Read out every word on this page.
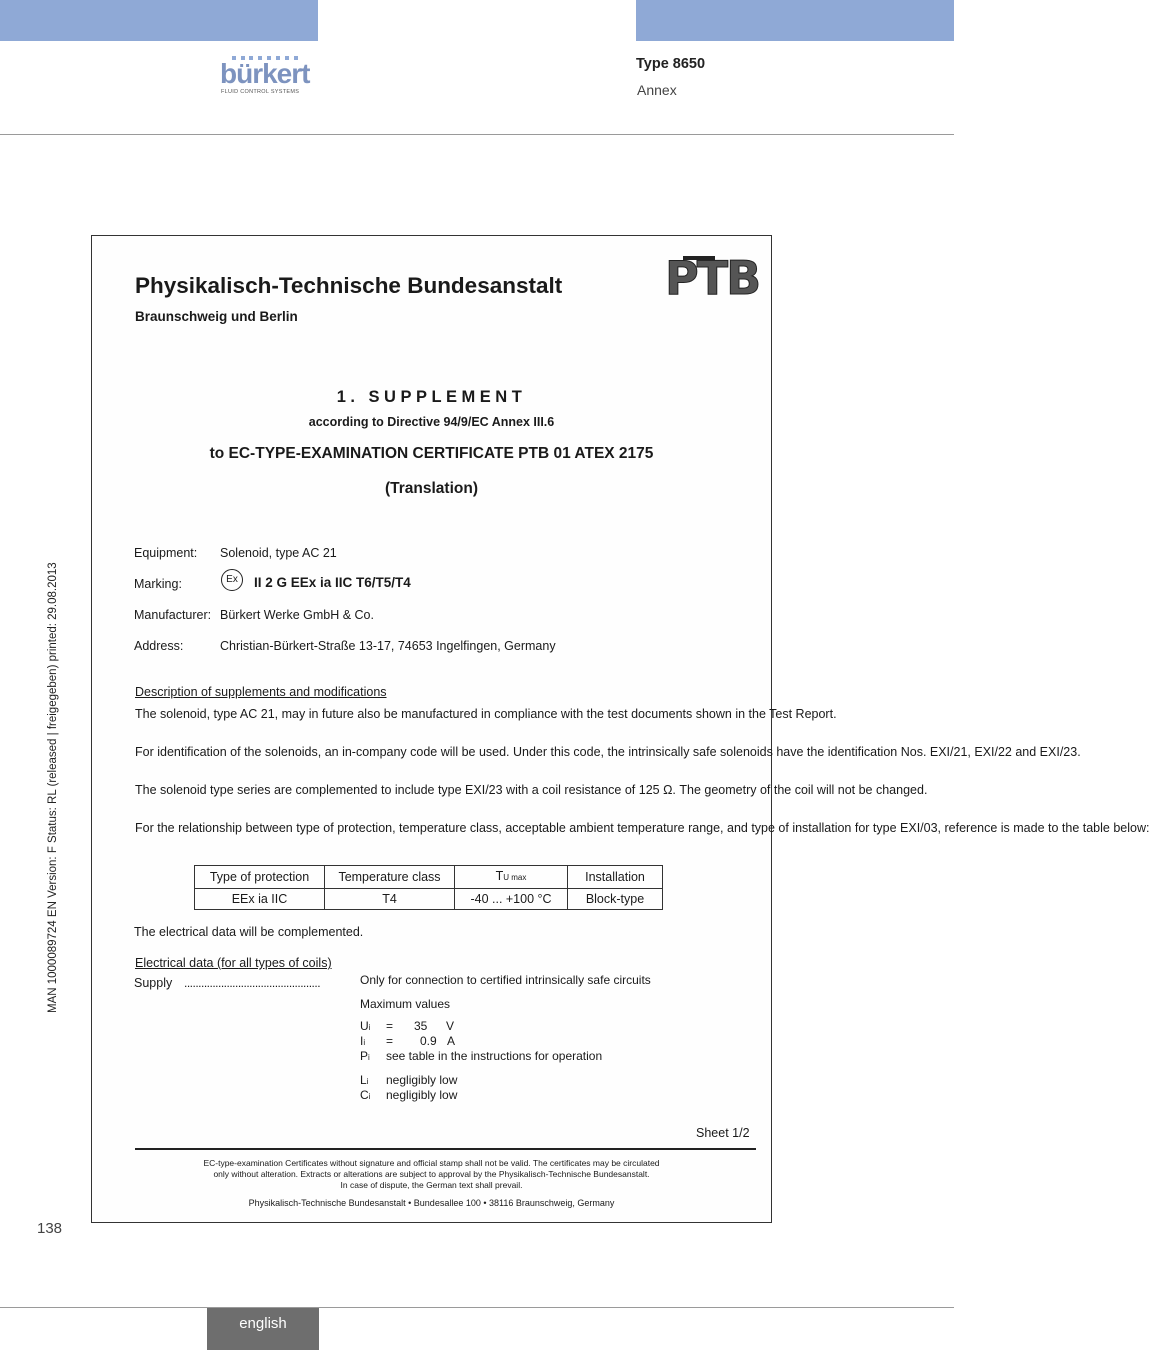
bürkert
FLUID CONTROL SYSTEMS
Type 8650
Annex
MAN 1000089724 EN Version: F Status: RL (released | freigegeben) printed: 29.08.2013
138
english
Physikalisch-Technische Bundesanstalt
Braunschweig und Berlin
PTB
1. SUPPLEMENT
according to Directive 94/9/EC Annex III.6
to EC-TYPE-EXAMINATION CERTIFICATE PTB 01 ATEX 2175
(Translation)
Equipment: Solenoid, type AC 21
Marking:	Ex	II 2 G EEx ia IIC T6/T5/T4
Manufacturer: Bürkert Werke GmbH & Co.
Address:	Christian-Bürkert-Straße 13-17, 74653 Ingelfingen, Germany
Description of supplements and modifications
The solenoid, type AC 21, may in future also be manufactured in compliance with the test documents shown in the Test Report.
For identification of the solenoids, an in-company code will be used. Under this code, the intrinsically safe solenoids have the identification Nos. EXI/21, EXI/22 and EXI/23.
The solenoid type series are complemented to include type EXI/23 with a coil resistance of 125 Ω. The geometry of the coil will not be changed.
For the relationship between type of protection, temperature class, acceptable ambient temperature range, and type of installation for type EXI/03, reference is made to the table below:
Type of protection	Temperature class	TU max	Installation
EEx ia IIC	T4	-40 ... +100 °C	Block-type
The electrical data will be complemented.
Electrical data (for all types of coils)
Supply ................................................	Only for connection to certified intrinsically safe circuits
Maximum values
Ui = 35 V
Ii = 0.9 A
Pi see table in the instructions for operation
Li negligibly low
Ci negligibly low
Sheet 1/2
EC-type-examination Certificates without signature and official stamp shall not be valid. The certificates may be circulated
only without alteration. Extracts or alterations are subject to approval by the Physikalisch-Technische Bundesanstalt.
In case of dispute, the German text shall prevail.
Physikalisch-Technische Bundesanstalt • Bundesallee 100 • 38116 Braunschweig, Germany
